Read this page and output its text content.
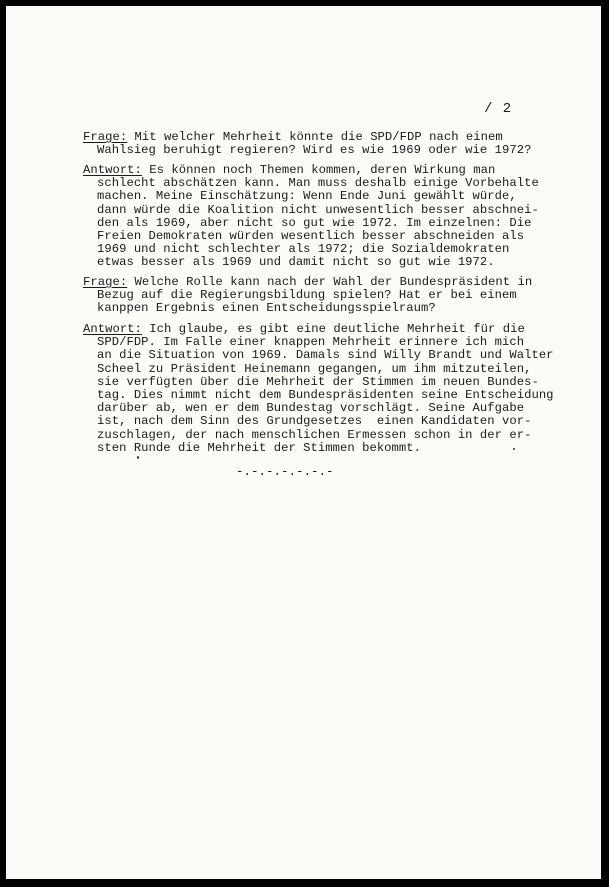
/ 2
Frage: Mit welcher Mehrheit könnte die SPD/FDP nach einem
Wahlsieg beruhigt regieren? Wird es wie 1969 oder wie 1972?
Antwort: Es können noch Themen kommen, deren Wirkung man
schlecht abschätzen kann. Man muss deshalb einige Vorbehalte
machen. Meine Einschätzung: Wenn Ende Juni gewählt würde,
dann würde die Koalition nicht unwesentlich besser abschnei-
den als 1969, aber nicht so gut wie 1972. Im einzelnen: Die
Freien Demokraten würden wesentlich besser abschneiden als
1969 und nicht schlechter als 1972; die Sozialdemokraten
etwas besser als 1969 und damit nicht so gut wie 1972.
Frage: Welche Rolle kann nach der Wahl der Bundespräsident in
Bezug auf die Regierungsbildung spielen? Hat er bei einem
kanppen Ergebnis einen Entscheidungsspielraum?
Antwort: Ich glaube, es gibt eine deutliche Mehrheit für die
SPD/FDP. Im Falle einer knappen Mehrheit erinnere ich mich
an die Situation von 1969. Damals sind Willy Brandt und Walter
Scheel zu Präsident Heinemann gegangen, um ihm mitzuteilen,
sie verfügten über die Mehrheit der Stimmen im neuen Bundes-
tag. Dies nimmt nicht dem Bundespräsidenten seine Entscheidung
darüber ab, wen er dem Bundestag vorschlägt. Seine Aufgabe
ist, nach dem Sinn des Grundgesetzes  einen Kandidaten vor-
zuschlagen, der nach menschlichen Ermessen schon in der er-
sten Runde die Mehrheit der Stimmen bekommt.
-.-.-.-.-.-.-
